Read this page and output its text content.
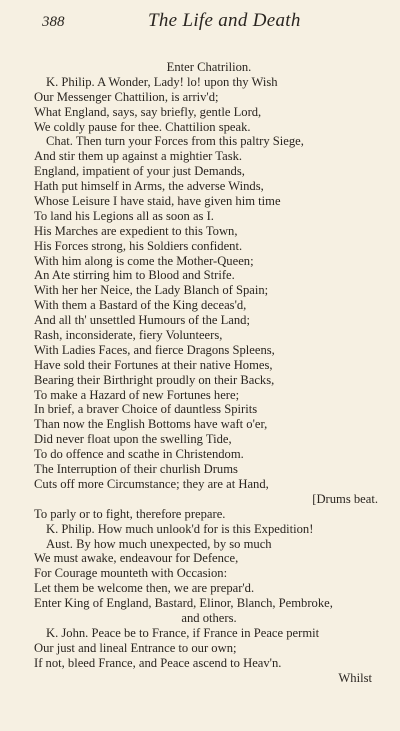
388	The Life and Death
Enter Chatrilion.
K. Philip. A Wonder, Lady! lo! upon thy Wish
Our Messenger Chattilion, is arriv'd;
What England, says, say briefly, gentle Lord,
We coldly pause for thee. Chattilion speak.
Chat. Then turn your Forces from this paltry Siege,
And stir them up against a mightier Task.
England, impatient of your just Demands,
Hath put himself in Arms, the adverse Winds,
Whose Leisure I have staid, have given him time
To land his Legions all as soon as I.
His Marches are expedient to this Town,
His Forces strong, his Soldiers confident.
With him along is come the Mother-Queen;
An Ate stirring him to Blood and Strife.
With her her Neice, the Lady Blanch of Spain;
With them a Bastard of the King deceas'd,
And all th' unsettled Humours of the Land;
Rash, inconsiderate, fiery Volunteers,
With Ladies Faces, and fierce Dragons Spleens,
Have sold their Fortunes at their native Homes,
Bearing their Birthright proudly on their Backs,
To make a Hazard of new Fortunes here;
In brief, a braver Choice of dauntless Spirits
Than now the English Bottoms have waft o'er,
Did never float upon the swelling Tide,
To do offence and scathe in Christendom.
The Interruption of their churlish Drums
Cuts off more Circumstance; they are at Hand,
[Drums beat.
To parly or to fight, therefore prepare.
K. Philip. How much unlook'd for is this Expedition!
Aust. By how much unexpected, by so much
We must awake, endeavour for Defence,
For Courage mounteth with Occasion:
Let them be welcome then, we are prepar'd.
Enter King of England, Bastard, Elinor, Blanch, Pembroke,
and others.
K. John. Peace be to France, if France in Peace permit
Our just and lineal Entrance to our own;
If not, bleed France, and Peace ascend to Heav'n.
Whilst
